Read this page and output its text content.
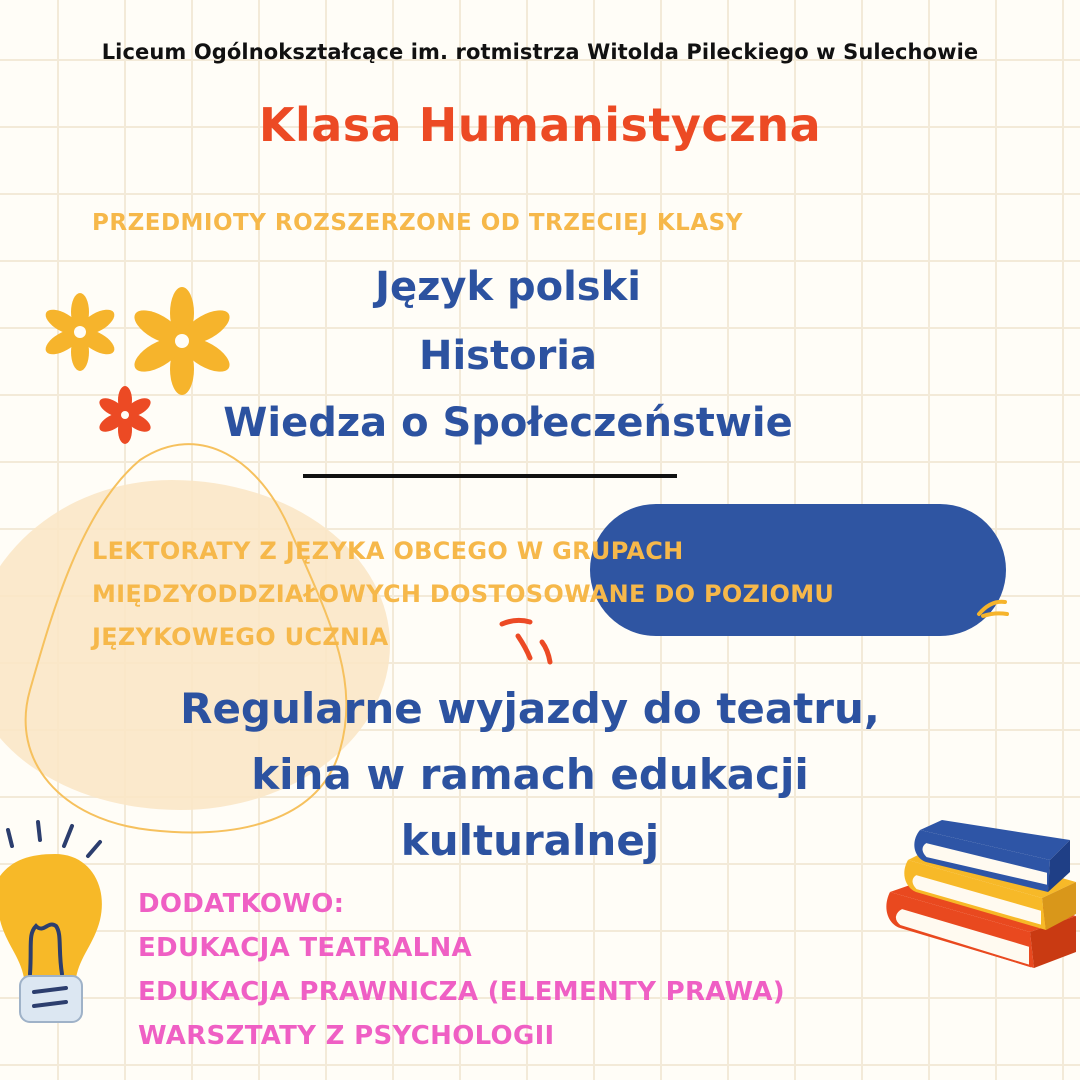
Liceum Ogólnokształcące im. rotmistrza Witolda Pileckiego w Sulechowie
Klasa Humanistyczna
PRZEDMIOTY ROZSZERZONE OD TRZECIEJ KLASY
Język polski
Historia
Wiedza o Społeczeństwie
LEKTORATY Z JĘZYKA OBCEGO W GRUPACH
MIĘDZYODDZIAŁOWYCH DOSTOSOWANE DO POZIOMU
JĘZYKOWEGO UCZNIA
Regularne wyjazdy do teatru,
kina w ramach edukacji
kulturalnej
DODATKOWO:
EDUKACJA TEATRALNA
EDUKACJA PRAWNICZA (ELEMENTY PRAWA)
WARSZTATY Z PSYCHOLOGII
